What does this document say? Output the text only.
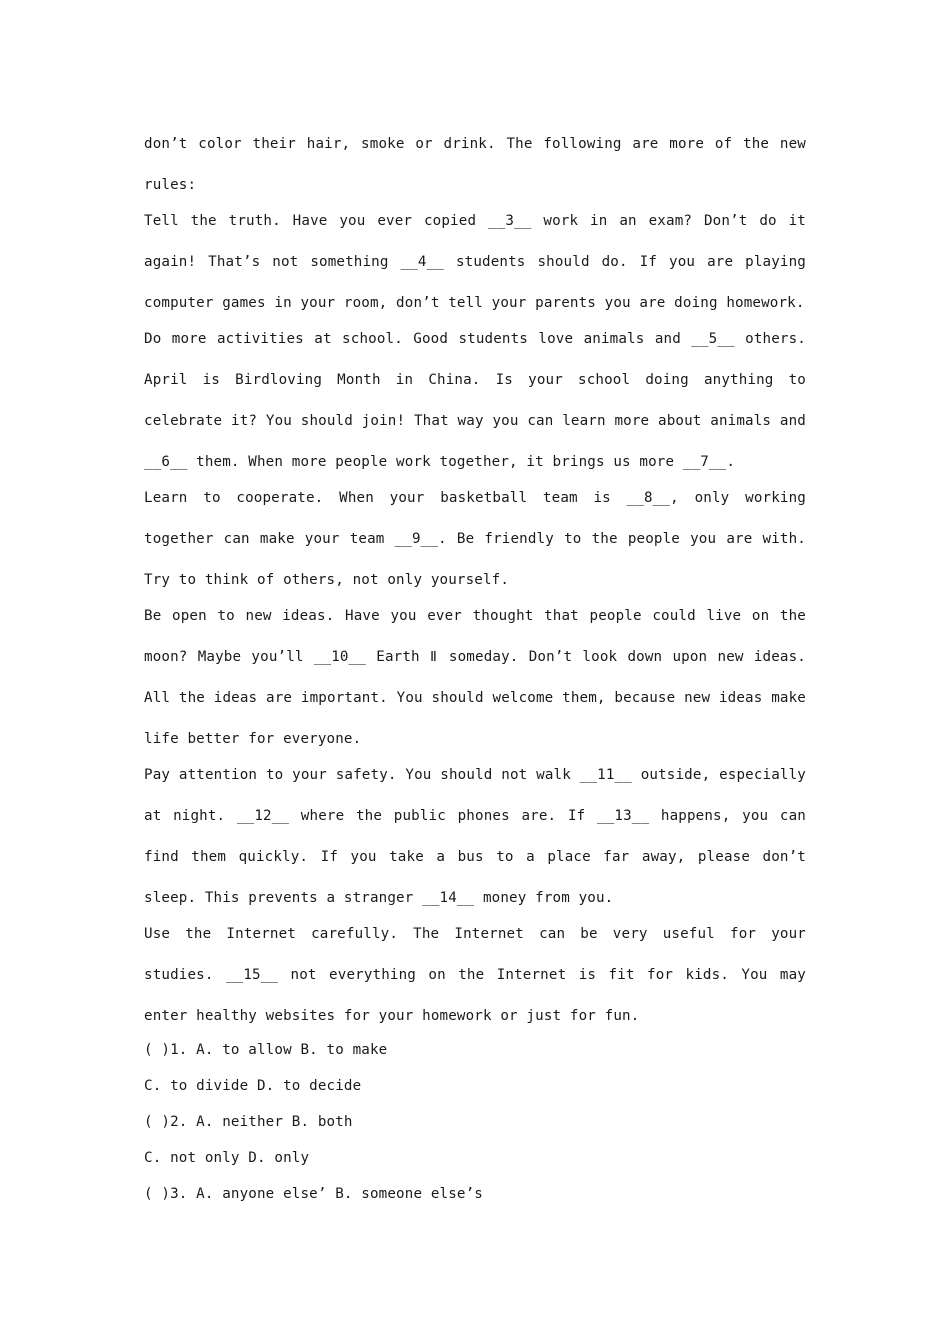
don’t color their hair, smoke or drink. The following are more of the new rules:

Tell the truth. Have you ever copied __3__ work in an exam? Don’t do it again! That’s not something __4__ students should do. If you are playing computer games in your room, don’t tell your parents you are doing homework.

Do more activities at school. Good students love animals and __5__ others. April is Birdloving Month in China. Is your school doing anything to celebrate it? You should join! That way you can learn more about animals and __6__ them. When more people work together, it brings us more __7__.

Learn to cooperate. When your basketball team is __8__, only working together can make your team __9__. Be friendly to the people you are with. Try to think of others, not only yourself.

Be open to new ideas. Have you ever thought that people could live on the moon? Maybe you’ll __10__ Earth Ⅱ someday. Don’t look down upon new ideas. All the ideas are important. You should welcome them, because new ideas make life better for everyone.

Pay attention to your safety. You should not walk __11__ outside, especially at night. __12__ where the public phones are. If __13__ happens, you can find them quickly. If you take a bus to a place far away, please don’t sleep. This prevents a stranger __14__ money from you.

Use the Internet carefully. The Internet can be very useful for your studies. __15__ not everything on the Internet is fit for kids. You may enter healthy websites for your homework or just for fun.

( )1. A. to allow B. to make

C. to divide D. to decide

( )2. A. neither B. both

C. not only D. only

( )3. A. anyone else’ B. someone else’s
